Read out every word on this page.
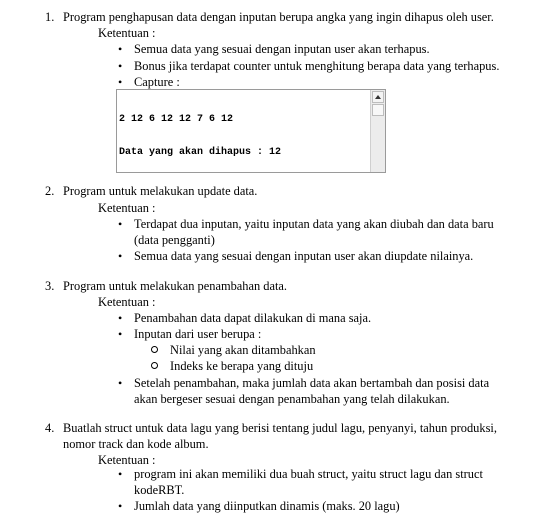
1. Program penghapusan data dengan inputan berupa angka yang ingin dihapus oleh user.
Ketentuan :
• Semua data yang sesuai dengan inputan user akan terhapus.
• Bonus jika terdapat counter untuk menghitung berapa data yang terhapus.
• Capture :

2 12 6 12 12 7 6 12

Data yang akan dihapus : 12

2. Program untuk melakukan update data.
Ketentuan :
• Terdapat dua inputan, yaitu inputan data yang akan diubah dan data baru
(data pengganti)
• Semua data yang sesuai dengan inputan user akan diupdate nilainya.
3. Program untuk melakukan penambahan data.
Ketentuan :
• Penambahan data dapat dilakukan di mana saja.
• Inputan dari user berupa :
Nilai yang akan ditambahkan
Indeks ke berapa yang dituju
• Setelah penambahan, maka jumlah data akan bertambah dan posisi data
akan bergeser sesuai dengan penambahan yang telah dilakukan.
4. Buatlah struct untuk data lagu yang berisi tentang judul lagu, penyanyi, tahun produksi,
nomor track dan kode album.
Ketentuan :
• program ini akan memiliki dua buah struct, yaitu struct lagu dan struct
kodeRBT.
• Jumlah data yang diinputkan dinamis (maks. 20 lagu)
